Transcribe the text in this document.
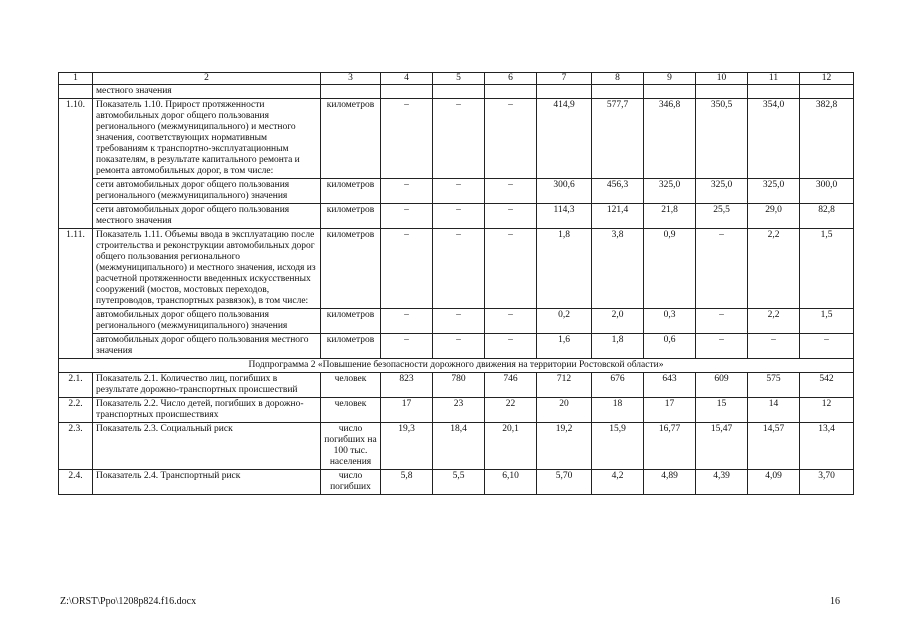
1	2	3	4	5	6	7	8	9	10	11	12
	местного значения										
1.10.	Показатель 1.10. Прирост протяженности автомобильных дорог общего пользования регионального (межмуниципального) и местного значения, соответствующих нормативным требованиям к транспортно-эксплуатационным показателям, в результате капитального ремонта и ремонта автомобильных дорог, в том числе:	километров	–	–	–	414,9	577,7	346,8	350,5	354,0	382,8
	сети автомобильных дорог общего пользования регионального (межмуниципального) значения	километров	–	–	–	300,6	456,3	325,0	325,0	325,0	300,0
	сети автомобильных дорог общего пользования местного значения	километров	–	–	–	114,3	121,4	21,8	25,5	29,0	82,8
1.11.	Показатель 1.11. Объемы ввода в эксплуатацию после строительства и реконструкции автомобильных дорог общего пользования регионального (межмуниципального) и местного значения, исходя из расчетной протяженности введенных искусственных сооружений (мостов, мостовых переходов, путепроводов, транспортных развязок), в том числе:	километров	–	–	–	1,8	3,8	0,9	–	2,2	1,5
	автомобильных дорог общего пользования регионального (межмуниципального) значения	километров	–	–	–	0,2	2,0	0,3	–	2,2	1,5
	автомобильных дорог общего пользования местного значения	километров	–	–	–	1,6	1,8	0,6	–	–	–
Подпрограмма 2 «Повышение безопасности дорожного движения на территории Ростовской области»											
2.1.	Показатель 2.1. Количество лиц, погибших в результате дорожно-транспортных происшествий	человек	823	780	746	712	676	643	609	575	542
2.2.	Показатель 2.2. Число детей, погибших в дорожно-транспортных происшествиях	человек	17	23	22	20	18	17	15	14	12
2.3.	Показатель 2.3. Социальный риск	число погибших на 100 тыс. населения	19,3	18,4	20,1	19,2	15,9	16,77	15,47	14,57	13,4
2.4.	Показатель 2.4. Транспортный риск	число погибших	5,8	5,5	6,10	5,70	4,2	4,89	4,39	4,09	3,70
Z:\ORST\Ppo\1208p824.f16.docx	16
